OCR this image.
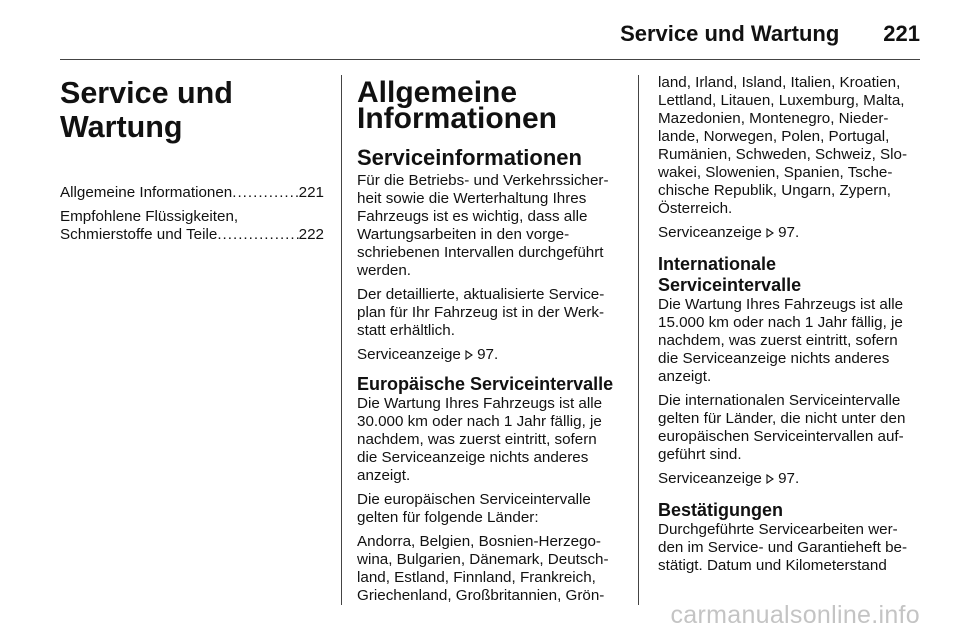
Service und Wartung 221
Service und Wartung
Allgemeine Informationen .....	221
Empfohlene Flüssigkeiten,
Schmierstoffe und Teile .....	222
Allgemeine
Informationen
Serviceinformationen

Für die Betriebs- und Verkehrssicher-heit sowie die Werterhaltung Ihres Fahrzeugs ist es wichtig, dass alle Wartungsarbeiten in den vorge-schriebenen Intervallen durchgeführt werden.

Der detaillierte, aktualisierte Service-plan für Ihr Fahrzeug ist in der Werk-statt erhältlich.

Serviceanzeige 97.

Europäische Serviceintervalle

Die Wartung Ihres Fahrzeugs ist alle 30.000 km oder nach 1 Jahr fällig, je nachdem, was zuerst eintritt, sofern die Serviceanzeige nichts anderes anzeigt.

Die europäischen Serviceintervalle gelten für folgende Länder:

Andorra, Belgien, Bosnien-Herzego-wina, Bulgarien, Dänemark, Deutsch-land, Estland, Finnland, Frankreich, Griechenland, Großbritannien, Grön-

land, Irland, Island, Italien, Kroatien, Lettland, Litauen, Luxemburg, Malta, Mazedonien, Montenegro, Nieder-lande, Norwegen, Polen, Portugal, Rumänien, Schweden, Schweiz, Slo-wakei, Slowenien, Spanien, Tsche-chische Republik, Ungarn, Zypern, Österreich.

Serviceanzeige 97.

Internationale Serviceintervalle

Die Wartung Ihres Fahrzeugs ist alle 15.000 km oder nach 1 Jahr fällig, je nachdem, was zuerst eintritt, sofern die Serviceanzeige nichts anderes anzeigt.

Die internationalen Serviceintervalle gelten für Länder, die nicht unter den europäischen Serviceintervallen auf-geführt sind.

Serviceanzeige 97.

Bestätigungen

Durchgeführte Servicearbeiten wer-den im Service- und Garantieheft be-stätigt. Datum und Kilometerstand

carmanualsonline.info
